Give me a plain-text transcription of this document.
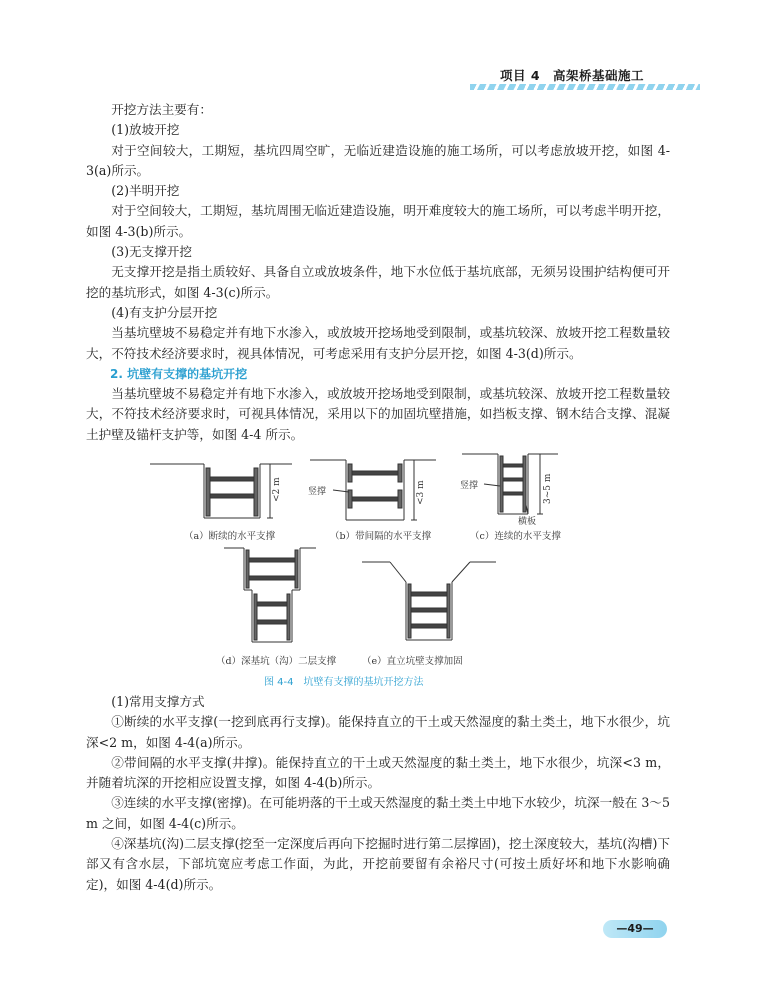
项目 4　高架桥基础施工

开挖方法主要有：

(1)放坡开挖

对于空间较大，工期短，基坑四周空旷，无临近建造设施的施工场所，可以考虑放坡开挖，如图 4-3(a)所示。

(2)半明开挖

对于空间较大，工期短，基坑周围无临近建造设施，明开难度较大的施工场所，可以考虑半明开挖，如图 4-3(b)所示。

(3)无支撑开挖

无支撑开挖是指土质较好、具备自立或放坡条件，地下水位低于基坑底部，无须另设围护结构便可开挖的基坑形式，如图 4-3(c)所示。

(4)有支护分层开挖

当基坑壁坡不易稳定并有地下水渗入，或放坡开挖场地受到限制，或基坑较深、放坡开挖工程数量较大，不符技术经济要求时，视具体情况，可考虑采用有支护分层开挖，如图 4-3(d)所示。

2. 坑壁有支撑的基坑开挖

当基坑壁坡不易稳定并有地下水渗入，或放坡开挖场地受到限制，或基坑较深、放坡开挖工程数量较大，不符技术经济要求时，可视具体情况，采用以下的加固坑壁措施，如挡板支撑、钢木结合支撑、混凝土护壁及锚杆支护等，如图 4-4 所示。

<2 m	<3 m
竖撑	3~5 m
竖撑
横板
（a）断续的水平支撑	（b）带间隔的水平支撑	（c）连续的水平支撑
（d）深基坑（沟）二层支撑	（e）直立坑壁支撑加固
图 4-4　坑壁有支撑的基坑开挖方法

(1)常用支撑方式

①断续的水平支撑(一挖到底再行支撑)。能保持直立的干土或天然湿度的黏土类土，地下水很少，坑深<2 m，如图 4-4(a)所示。

②带间隔的水平支撑(井撑)。能保持直立的干土或天然湿度的黏土类土，地下水很少，坑深<3 m，并随着坑深的开挖相应设置支撑，如图 4-4(b)所示。

③连续的水平支撑(密撑)。在可能坍落的干土或天然湿度的黏土类土中地下水较少，坑深一般在 3～5 m 之间，如图 4-4(c)所示。

④深基坑(沟)二层支撑(挖至一定深度后再向下挖掘时进行第二层撑固)，挖土深度较大，基坑(沟槽)下部又有含水层，下部坑宽应考虑工作面，为此，开挖前要留有余裕尺寸(可按土质好坏和地下水影响确定)，如图 4-4(d)所示。

—49—
